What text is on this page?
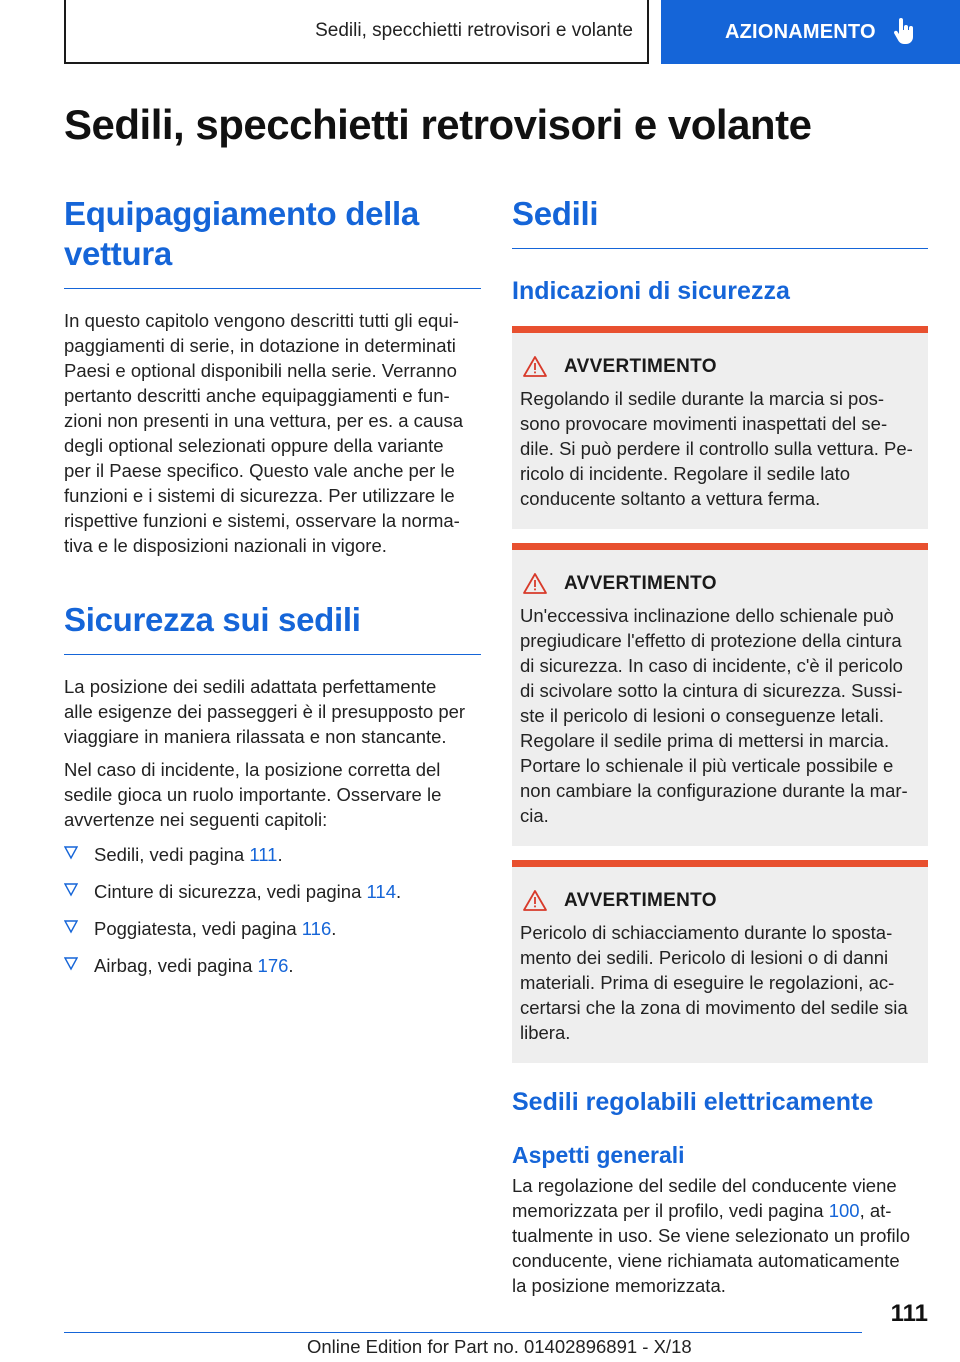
Sedili, specchietti retrovisori e volante	AZIONAMENTO
Sedili, specchietti retrovisori e volante
Equipaggiamento della
vettura
In questo capitolo vengono descritti tutti gli equi-
paggiamenti di serie, in dotazione in determinati
Paesi e optional disponibili nella serie. Verranno
pertanto descritti anche equipaggiamenti e fun-
zioni non presenti in una vettura, per es. a causa
degli optional selezionati oppure della variante
per il Paese specifico. Questo vale anche per le
funzioni e i sistemi di sicurezza. Per utilizzare le
rispettive funzioni e sistemi, osservare la norma-
tiva e le disposizioni nazionali in vigore.
Sicurezza sui sedili
La posizione dei sedili adattata perfettamente
alle esigenze dei passeggeri è il presupposto per
viaggiare in maniera rilassata e non stancante.
Nel caso di incidente, la posizione corretta del
sedile gioca un ruolo importante. Osservare le
avvertenze nei seguenti capitoli:
Sedili, vedi pagina 111.
Cinture di sicurezza, vedi pagina 114.
Poggiatesta, vedi pagina 116.
Airbag, vedi pagina 176.
Sedili
Indicazioni di sicurezza
AVVERTIMENTO
Regolando il sedile durante la marcia si pos-
sono provocare movimenti inaspettati del se-
dile. Si può perdere il controllo sulla vettura. Pe-
ricolo di incidente. Regolare il sedile lato
conducente soltanto a vettura ferma.
AVVERTIMENTO
Un'eccessiva inclinazione dello schienale può
pregiudicare l'effetto di protezione della cintura
di sicurezza. In caso di incidente, c'è il pericolo
di scivolare sotto la cintura di sicurezza. Sussi-
ste il pericolo di lesioni o conseguenze letali.
Regolare il sedile prima di mettersi in marcia.
Portare lo schienale il più verticale possibile e
non cambiare la configurazione durante la mar-
cia.
AVVERTIMENTO
Pericolo di schiacciamento durante lo sposta-
mento dei sedili. Pericolo di lesioni o di danni
materiali. Prima di eseguire le regolazioni, ac-
certarsi che la zona di movimento del sedile sia
libera.
Sedili regolabili elettricamente
Aspetti generali
La regolazione del sedile del conducente viene
memorizzata per il profilo, vedi pagina 100, at-
tualmente in uso. Se viene selezionato un profilo
conducente, viene richiamata automaticamente
la posizione memorizzata.
111
Online Edition for Part no. 01402896891 - X/18
